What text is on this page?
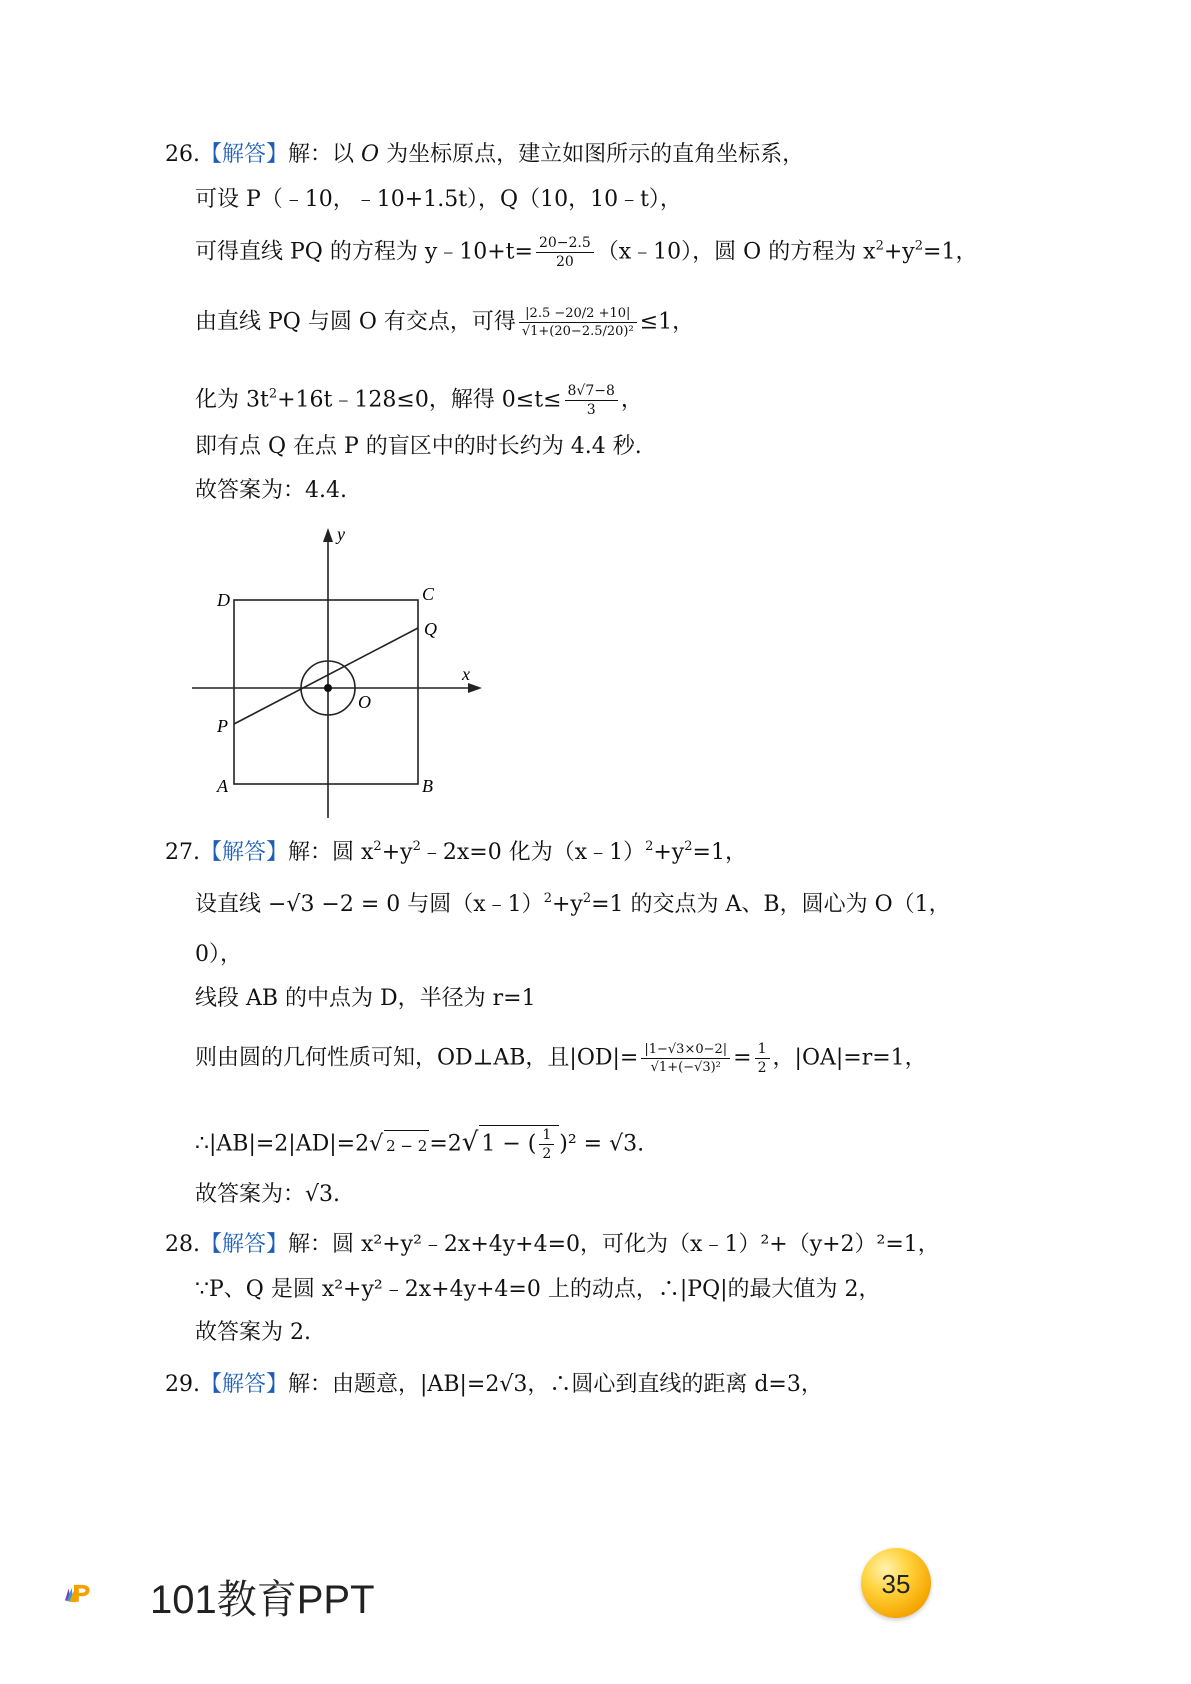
26.【解答】解：以 O 为坐标原点，建立如图所示的直角坐标系，
可设 P（﹣10，﹣10+1.5t），Q（10，10﹣t），
可得直线 PQ 的方程为 y﹣10+t= $\frac{20-2.5}{20}$ （x﹣10），圆 O 的方程为 $x^2+y^2=1$，
由直线 PQ 与圆 O 有交点，可得 $\frac{|2.5 -20/2 +10|}{\text{√1+(20−2.5/20)²}} \le 1$，
化为 $3t^2+16t﹣128\le 0$，解得 $0\le t\le \frac{8√7-8}{3}$ ，
即有点 Q 在点 P 的盲区中的时长约为 4.4 秒.
故答案为：4.4.
y
x
D	C
Q
O
P
A	B
27.【解答】解：圆 $x^2+y^2﹣2x=0$ 化为$(x﹣1)^2+y^2=1$，
设直线 −√3 −2 = 0 与圆$(x﹣1)^2+y^2=1$ 的交点为 A、B，圆心为 O（1，
0），
线段 AB 的中点为 D，半径为 r=1
则由圆的几何性质可知，OD⊥AB，且$|OD|= \frac{|1-√3\times 0-2|}{\text{√1+(−√3)²}} = \frac{1}{2}$ ，|OA|=r=1，
∴|AB|=2|AD|=2√ 2 − 2=2√ 1 − ( $\frac{1}{2} )^2 = √3$.
故答案为：√3.
28.【解答】解：圆 x²+y²﹣2x+4y+4=0，可化为（x﹣1）²+（y+2）²=1，
∵P、Q 是圆 x²+y²﹣2x+4y+4=0 上的动点，∴|PQ|的最大值为 2，
故答案为 2.
29.【解答】解：由题意，|AB|=2√3，∴圆心到直线的距离 d=3，
101教育PPT	35
